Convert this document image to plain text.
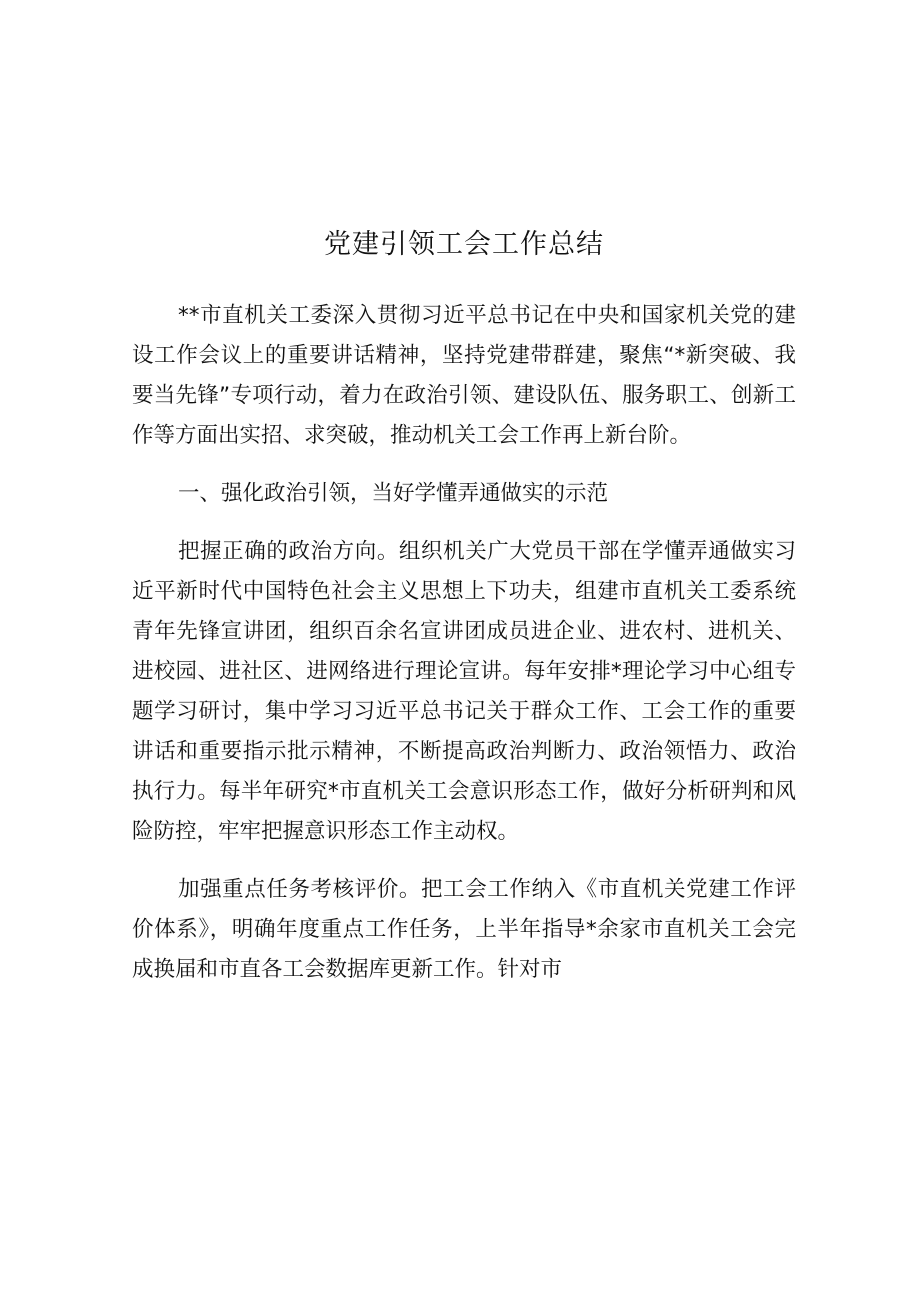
党建引领工会工作总结

**市直机关工委深入贯彻习近平总书记在中央和国家机关党的建设工作会议上的重要讲话精神，坚持党建带群建，聚焦“*新突破、我要当先锋”专项行动，着力在政治引领、建设队伍、服务职工、创新工作等方面出实招、求突破，推动机关工会工作再上新台阶。

一、强化政治引领，当好学懂弄通做实的示范

把握正确的政治方向。组织机关广大党员干部在学懂弄通做实习近平新时代中国特色社会主义思想上下功夫，组建市直机关工委系统青年先锋宣讲团，组织百余名宣讲团成员进企业、进农村、进机关、进校园、进社区、进网络进行理论宣讲。每年安排*理论学习中心组专题学习研讨，集中学习习近平总书记关于群众工作、工会工作的重要讲话和重要指示批示精神，不断提高政治判断力、政治领悟力、政治执行力。每半年研究*市直机关工会意识形态工作，做好分析研判和风险防控，牢牢把握意识形态工作主动权。

加强重点任务考核评价。把工会工作纳入《市直机关党建工作评价体系》，明确年度重点工作任务，上半年指导*余家市直机关工会完成换届和市直各工会数据库更新工作。针对市
